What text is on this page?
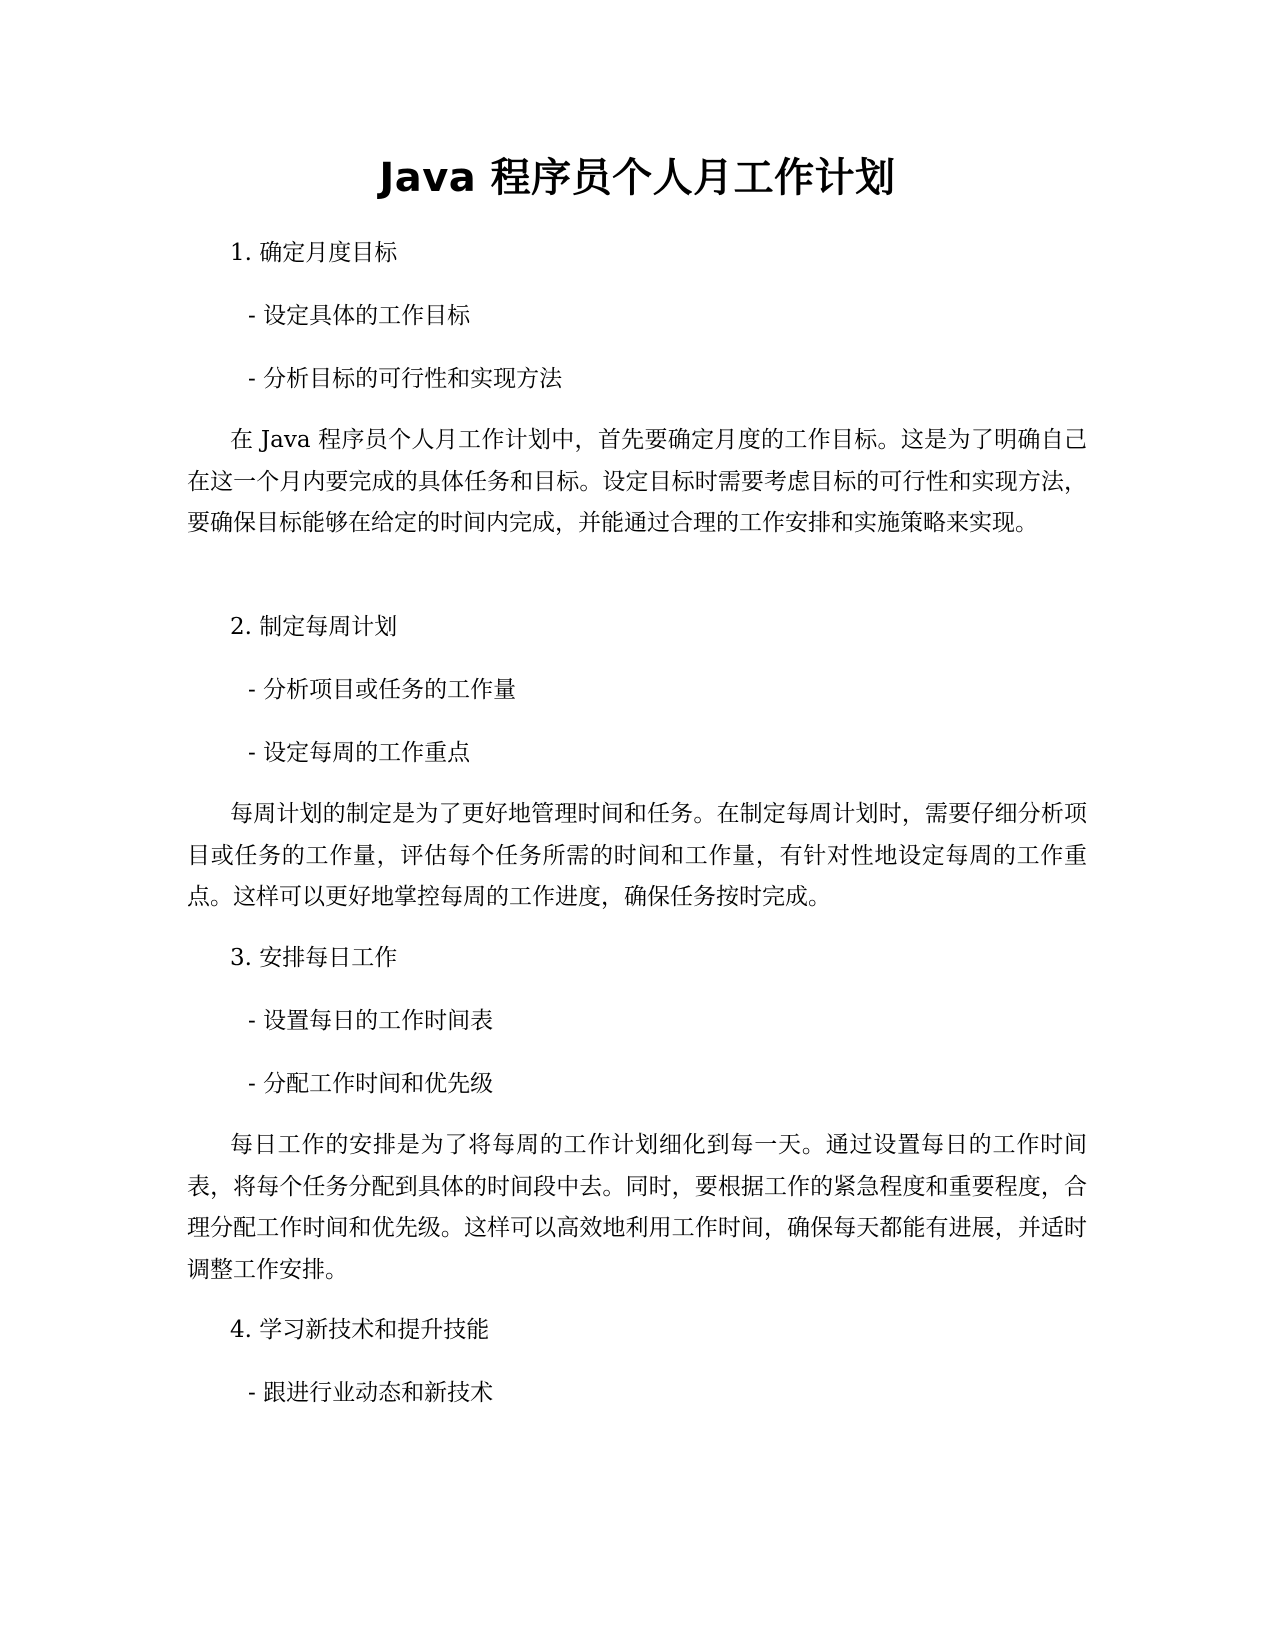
Java 程序员个人月工作计划
1. 确定月度目标
- 设定具体的工作目标
- 分析目标的可行性和实现方法
在 Java 程序员个人月工作计划中，首先要确定月度的工作目标。这是为了明确自己在这一个月内要完成的具体任务和目标。设定目标时需要考虑目标的可行性和实现方法，要确保目标能够在给定的时间内完成，并能通过合理的工作安排和实施策略来实现。
2. 制定每周计划
- 分析项目或任务的工作量
- 设定每周的工作重点
每周计划的制定是为了更好地管理时间和任务。在制定每周计划时，需要仔细分析项目或任务的工作量，评估每个任务所需的时间和工作量，有针对性地设定每周的工作重点。这样可以更好地掌控每周的工作进度，确保任务按时完成。
3. 安排每日工作
- 设置每日的工作时间表
- 分配工作时间和优先级
每日工作的安排是为了将每周的工作计划细化到每一天。通过设置每日的工作时间表，将每个任务分配到具体的时间段中去。同时，要根据工作的紧急程度和重要程度，合理分配工作时间和优先级。这样可以高效地利用工作时间，确保每天都能有进展，并适时调整工作安排。
4. 学习新技术和提升技能
- 跟进行业动态和新技术
